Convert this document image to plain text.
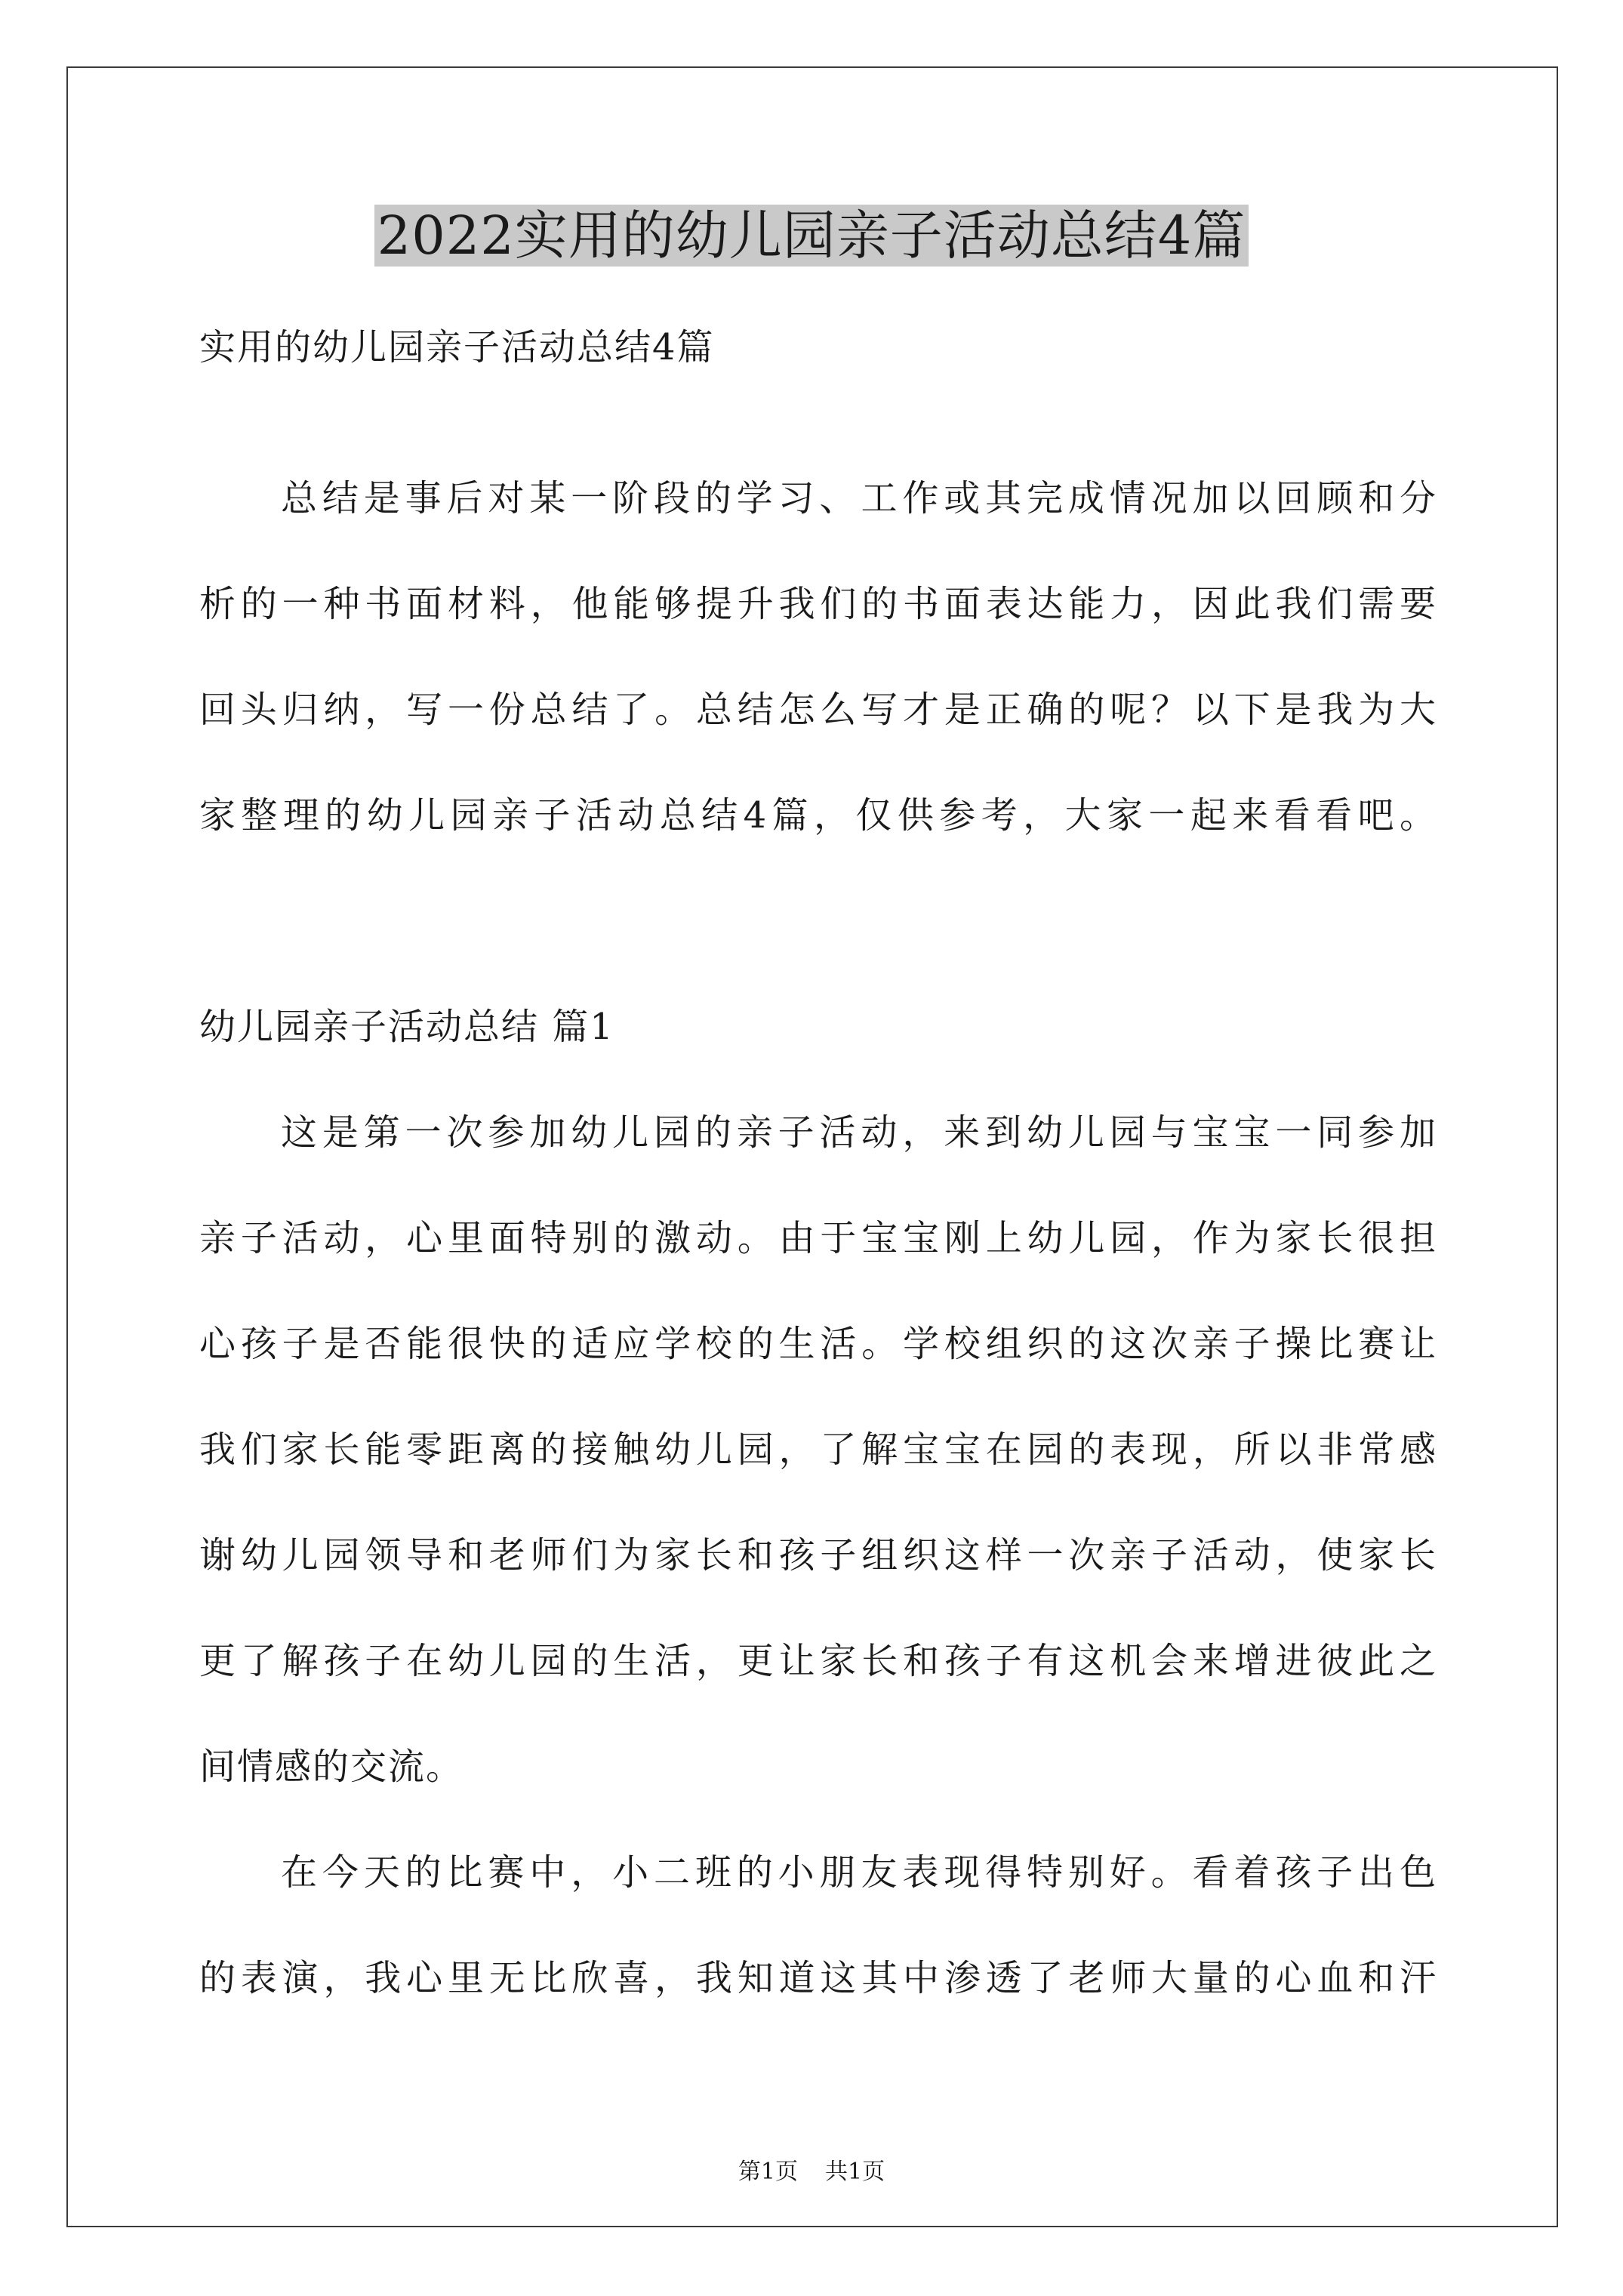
2022实用的幼儿园亲子活动总结4篇
实用的幼儿园亲子活动总结4篇
总结是事后对某一阶段的学习、工作或其完成情况加以回顾和分
析的一种书面材料，他能够提升我们的书面表达能力，因此我们需要
回头归纳，写一份总结了。总结怎么写才是正确的呢？以下是我为大
家整理的幼儿园亲子活动总结4篇，仅供参考，大家一起来看看吧。
幼儿园亲子活动总结 篇1
这是第一次参加幼儿园的亲子活动，来到幼儿园与宝宝一同参加
亲子活动，心里面特别的激动。由于宝宝刚上幼儿园，作为家长很担
心孩子是否能很快的适应学校的生活。学校组织的这次亲子操比赛让
我们家长能零距离的接触幼儿园，了解宝宝在园的表现，所以非常感
谢幼儿园领导和老师们为家长和孩子组织这样一次亲子活动，使家长
更了解孩子在幼儿园的生活，更让家长和孩子有这机会来增进彼此之
间情感的交流。
在今天的比赛中，小二班的小朋友表现得特别好。看着孩子出色
的表演，我心里无比欣喜，我知道这其中渗透了老师大量的心血和汗
第1页 共1页
